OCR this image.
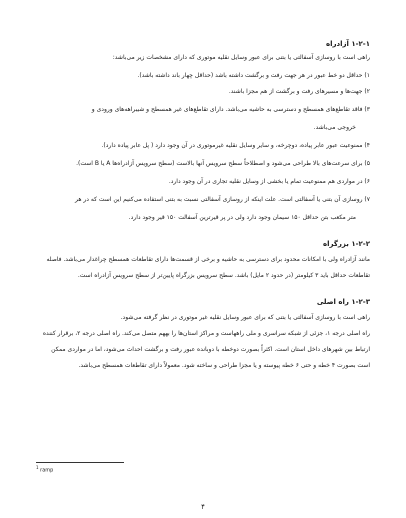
۱-۲-۱ آزادراه
راهی است با روسازی آسفالتی یا بتنی برای عبور وسایل نقلیه موتوری که دارای مشخصات زیر می‌باشد:
۱) حداقل دو خط عبور در هر جهت رفت و برگشت داشته باشد (حداقل چهار باند داشته باشد).
۲) جهت‌ها و مسیرهای رفت و برگشت از هم مجزا باشند.
۳) فاقد تقاطع‌های همسطح و دسترسی به حاشیه می‌باشد. دارای تقاطع‌های غیر همسطح و شیبراهه‌های ورودی و
خروجی می‌باشد.
۴) ممنوعیت عبور عابر پیاده، دوچرخه، و سایر وسایل نقلیه غیرموتوری در آن وجود دارد ( پل عابر پیاده دارد).
۵) برای سرعت‌های بالا طراحی می‌شود و اصطلاحاً سطح سرویس آنها بالاست (سطح سرویس آزادراه‌ها A یا B است).
۶) در مواردی هم ممنوعیت تمام یا بخشی از وسایل نقلیه تجاری در آن وجود دارد.
۷) روسازی آن بتنی یا آسفالتی است. علت اینکه از روسازی آسفالتی نسبت به بتنی استفاده می‌کنیم این است که در هر
متر مکعب بتن حداقل ۱۵۰ سیمان وجود دارد ولی در پر قیرترین آسفالت ۱۵۰ قیر وجود دارد.
۱-۲-۲ بزرگراه
مانند آزادراه ولی با امکانات محدود برای دسترسی به حاشیه و برخی از قسمت‌ها دارای تقاطعات همسطح چراغدار می‌باشد. فاصله
تقاطعات حداقل باید ۳ کیلومتر (در حدود ۲ مایل) باشد. سطح سرویس بزرگراه پایین‌تر از سطح سرویس آزادراه است.
۱-۲-۳ راه اصلی
راهی است با روسازی آسفالتی یا بتنی که برای عبور وسایل نقلیه غیر موتوری در نظر گرفته می‌شود.
راه اصلی درجه ۱، جزئی از شبکه سراسری و ملی راههاست و مراکز استان‌ها را بههم متصل می‌کند. راه اصلی درجه ۲، برقرار کننده
ارتباط بین شهرهای داخل استان است. اکثراً بصورت دوخطه با دوبانده عبور رفت و برگشت احداث می‌شود، اما در مواردی ممکن
است بصورت ۴ خطه و حتی ۶ خطه پیوسته و یا مجزا طراحی و ساخته شود. معمولاً دارای تقاطعات همسطح می‌باشد.
$^1$ ramp
۴
